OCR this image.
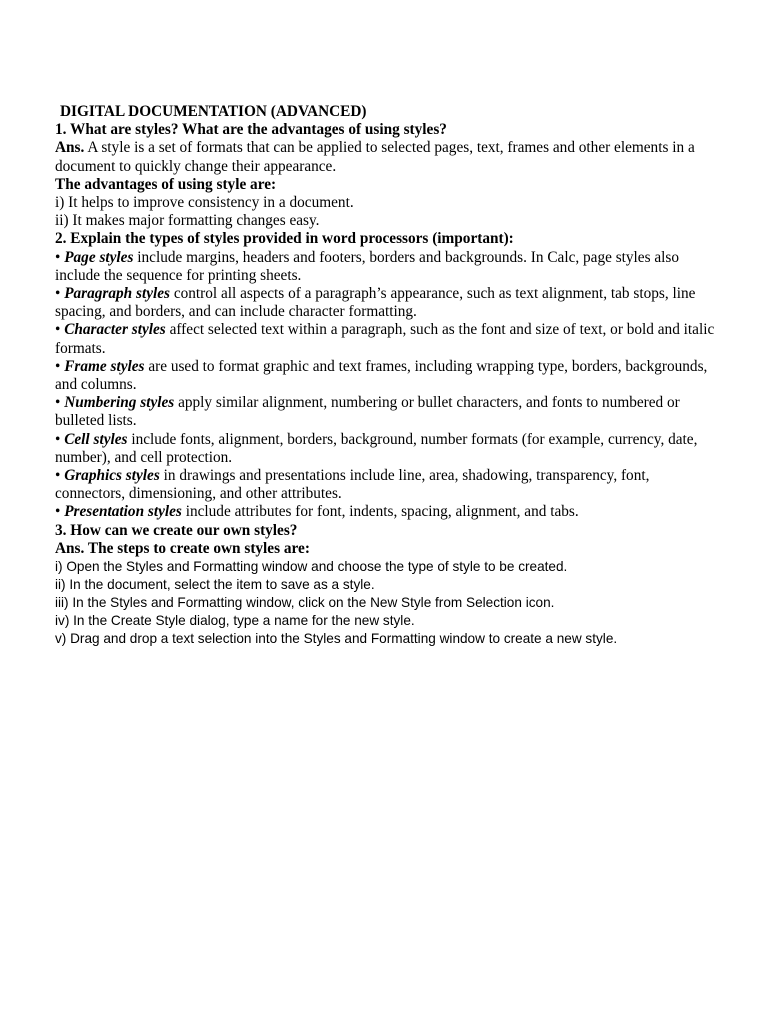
DIGITAL DOCUMENTATION (ADVANCED)

1. What are styles? What are the advantages of using styles?

Ans. A style is a set of formats that can be applied to selected pages, text, frames and other elements in a document to quickly change their appearance.

The advantages of using style are:

i) It helps to improve consistency in a document.

ii) It makes major formatting changes easy.

2. Explain the types of styles provided in word processors (important):

• Page styles include margins, headers and footers, borders and backgrounds. In Calc, page styles also include the sequence for printing sheets.

• Paragraph styles control all aspects of a paragraph’s appearance, such as text alignment, tab stops, line spacing, and borders, and can include character formatting.

• Character styles affect selected text within a paragraph, such as the font and size of text, or bold and italic formats.

• Frame styles are used to format graphic and text frames, including wrapping type, borders, backgrounds, and columns.

• Numbering styles apply similar alignment, numbering or bullet characters, and fonts to numbered or bulleted lists.

• Cell styles include fonts, alignment, borders, background, number formats (for example, currency, date, number), and cell protection.

• Graphics styles in drawings and presentations include line, area, shadowing, transparency, font, connectors, dimensioning, and other attributes.

• Presentation styles include attributes for font, indents, spacing, alignment, and tabs.

3. How can we create our own styles?

Ans. The steps to create own styles are:

i) Open the Styles and Formatting window and choose the type of style to be created.

ii) In the document, select the item to save as a style.

iii) In the Styles and Formatting window, click on the New Style from Selection icon.

iv) In the Create Style dialog, type a name for the new style.

v) Drag and drop a text selection into the Styles and Formatting window to create a new style.
